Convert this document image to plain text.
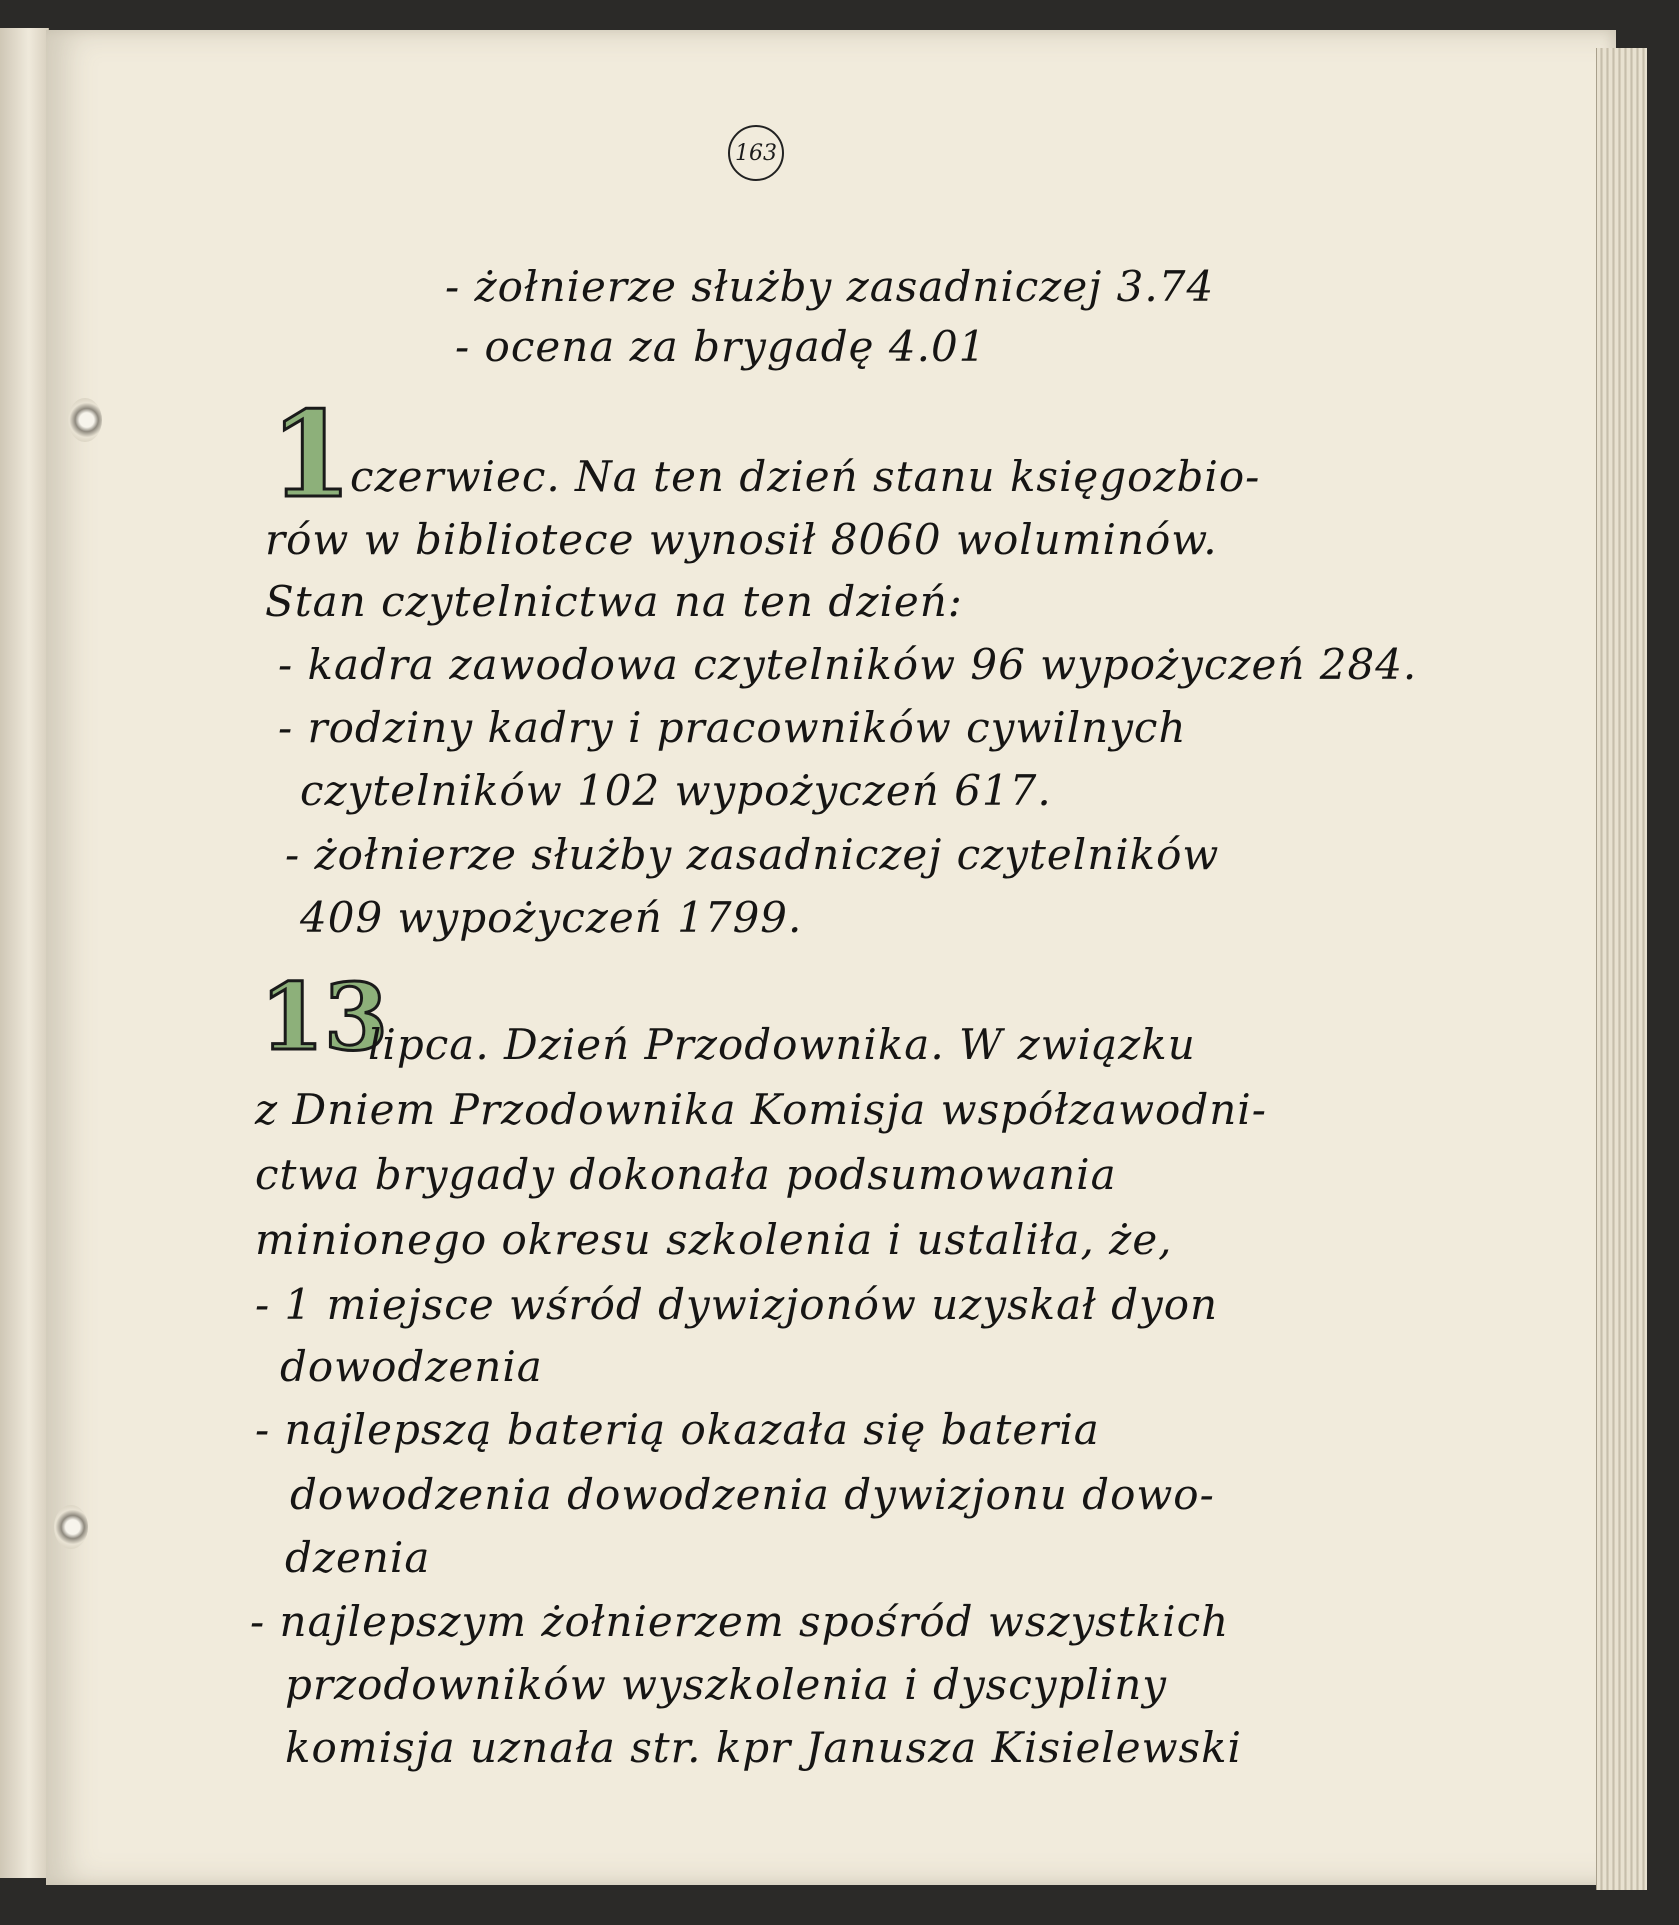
163
- żołnierze służby zasadniczej 3.74
- ocena za brygadę 4.01
1
czerwiec. Na ten dzień stanu księgozbio-
rów w bibliotece wynosił 8060 woluminów.
Stan czytelnictwa na ten dzień:
- kadra zawodowa czytelników 96 wypożyczeń 284.
- rodziny kadry i pracowników cywilnych
czytelników 102 wypożyczeń 617.
- żołnierze służby zasadniczej czytelników
409 wypożyczeń 1799.
13
lipca. Dzień Przodownika. W związku
z Dniem Przodownika Komisja współzawodni-
ctwa brygady dokonała podsumowania
minionego okresu szkolenia i ustaliła, że,
- 1 miejsce wśród dywizjonów uzyskał dyon
dowodzenia
- najlepszą baterią okazała się bateria
dowodzenia dowodzenia dywizjonu dowo-
dzenia
- najlepszym żołnierzem spośród wszystkich
przodowników wyszkolenia i dyscypliny
komisja uznała str. kpr Janusza Kisielewski
